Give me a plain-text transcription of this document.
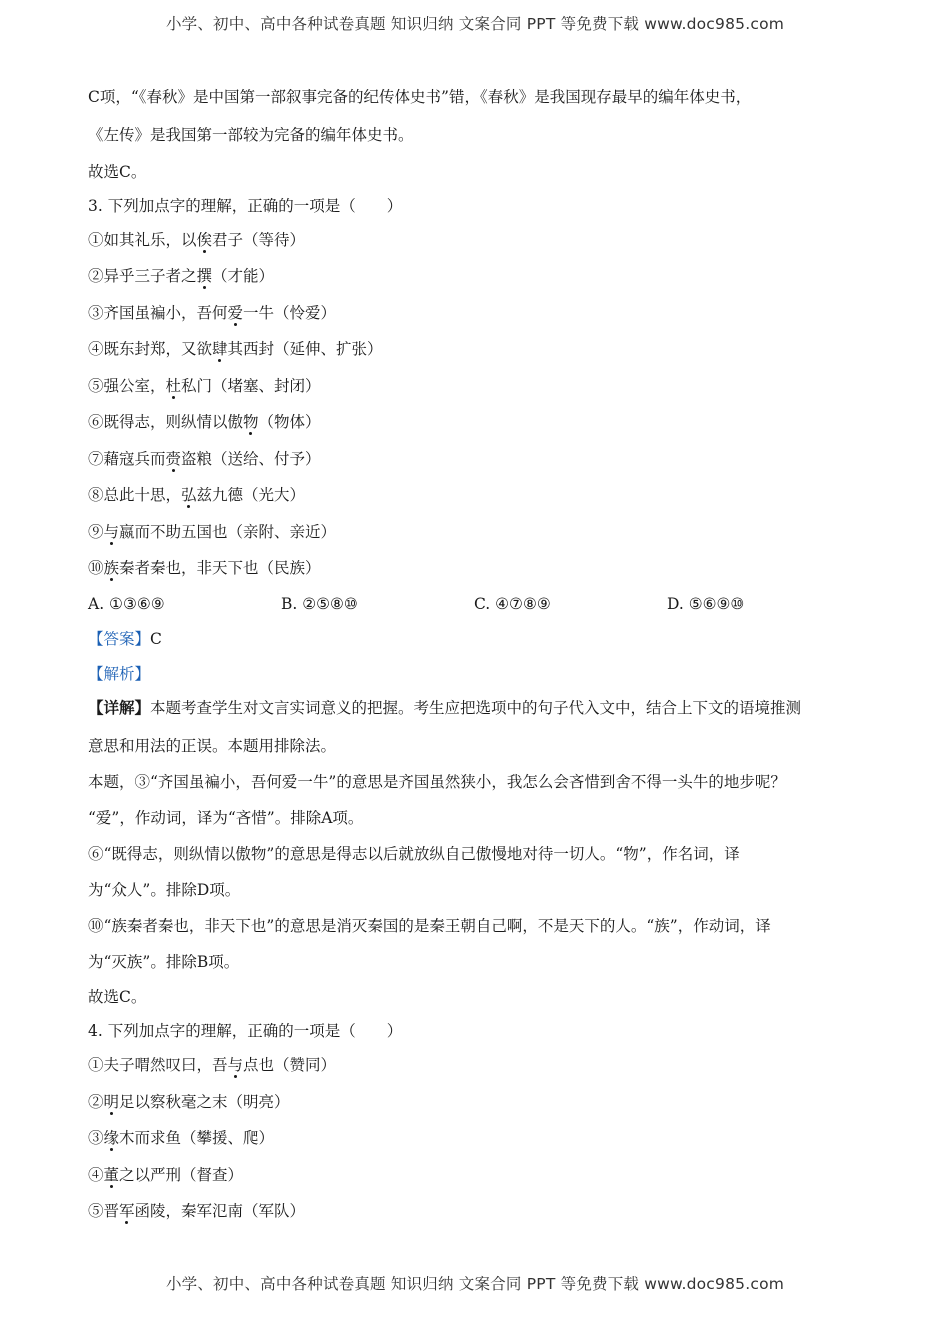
小学、初中、高中各种试卷真题 知识归纳 文案合同 PPT 等免费下载 www.doc985.com
C项，“《春秋》是中国第一部叙事完备的纪传体史书”错，《春秋》是我国现存最早的编年体史书，
《左传》是我国第一部较为完备的编年体史书。
故选C。
3. 下列加点字的理解，正确的一项是（　　）
①如其礼乐，以俟君子（等待）
②异乎三子者之撰（才能）
③齐国虽褊小，吾何爱一牛（怜爱）
④既东封郑，又欲肆其西封（延伸、扩张）
⑤强公室，杜私门（堵塞、封闭）
⑥既得志，则纵情以傲物（物体）
⑦藉寇兵而赍盗粮（送给、付予）
⑧总此十思，弘兹九德（光大）
⑨与嬴而不助五国也（亲附、亲近）
⑩族秦者秦也，非天下也（民族）
A. ①③⑥⑨	B. ②⑤⑧⑩	C. ④⑦⑧⑨	D. ⑤⑥⑨⑩
【答案】C
【解析】
【详解】本题考查学生对文言实词意义的把握。考生应把选项中的句子代入文中，结合上下文的语境推测
意思和用法的正误。本题用排除法。
本题，③“齐国虽褊小，吾何爱一牛”的意思是齐国虽然狭小，我怎么会吝惜到舍不得一头牛的地步呢？
“爱”，作动词，译为“吝惜”。排除A项。
⑥“既得志，则纵情以傲物”的意思是得志以后就放纵自己傲慢地对待一切人。“物”，作名词，译
为“众人”。排除D项。
⑩“族秦者秦也，非天下也”的意思是消灭秦国的是秦王朝自己啊，不是天下的人。“族”，作动词，译
为“灭族”。排除B项。
故选C。
4. 下列加点字的理解，正确的一项是（　　）
①夫子喟然叹曰，吾与点也（赞同）
②明足以察秋毫之末（明亮）
③缘木而求鱼（攀援、爬）
④董之以严刑（督查）
⑤晋军函陵，秦军氾南（军队）
小学、初中、高中各种试卷真题 知识归纳 文案合同 PPT 等免费下载 www.doc985.com
